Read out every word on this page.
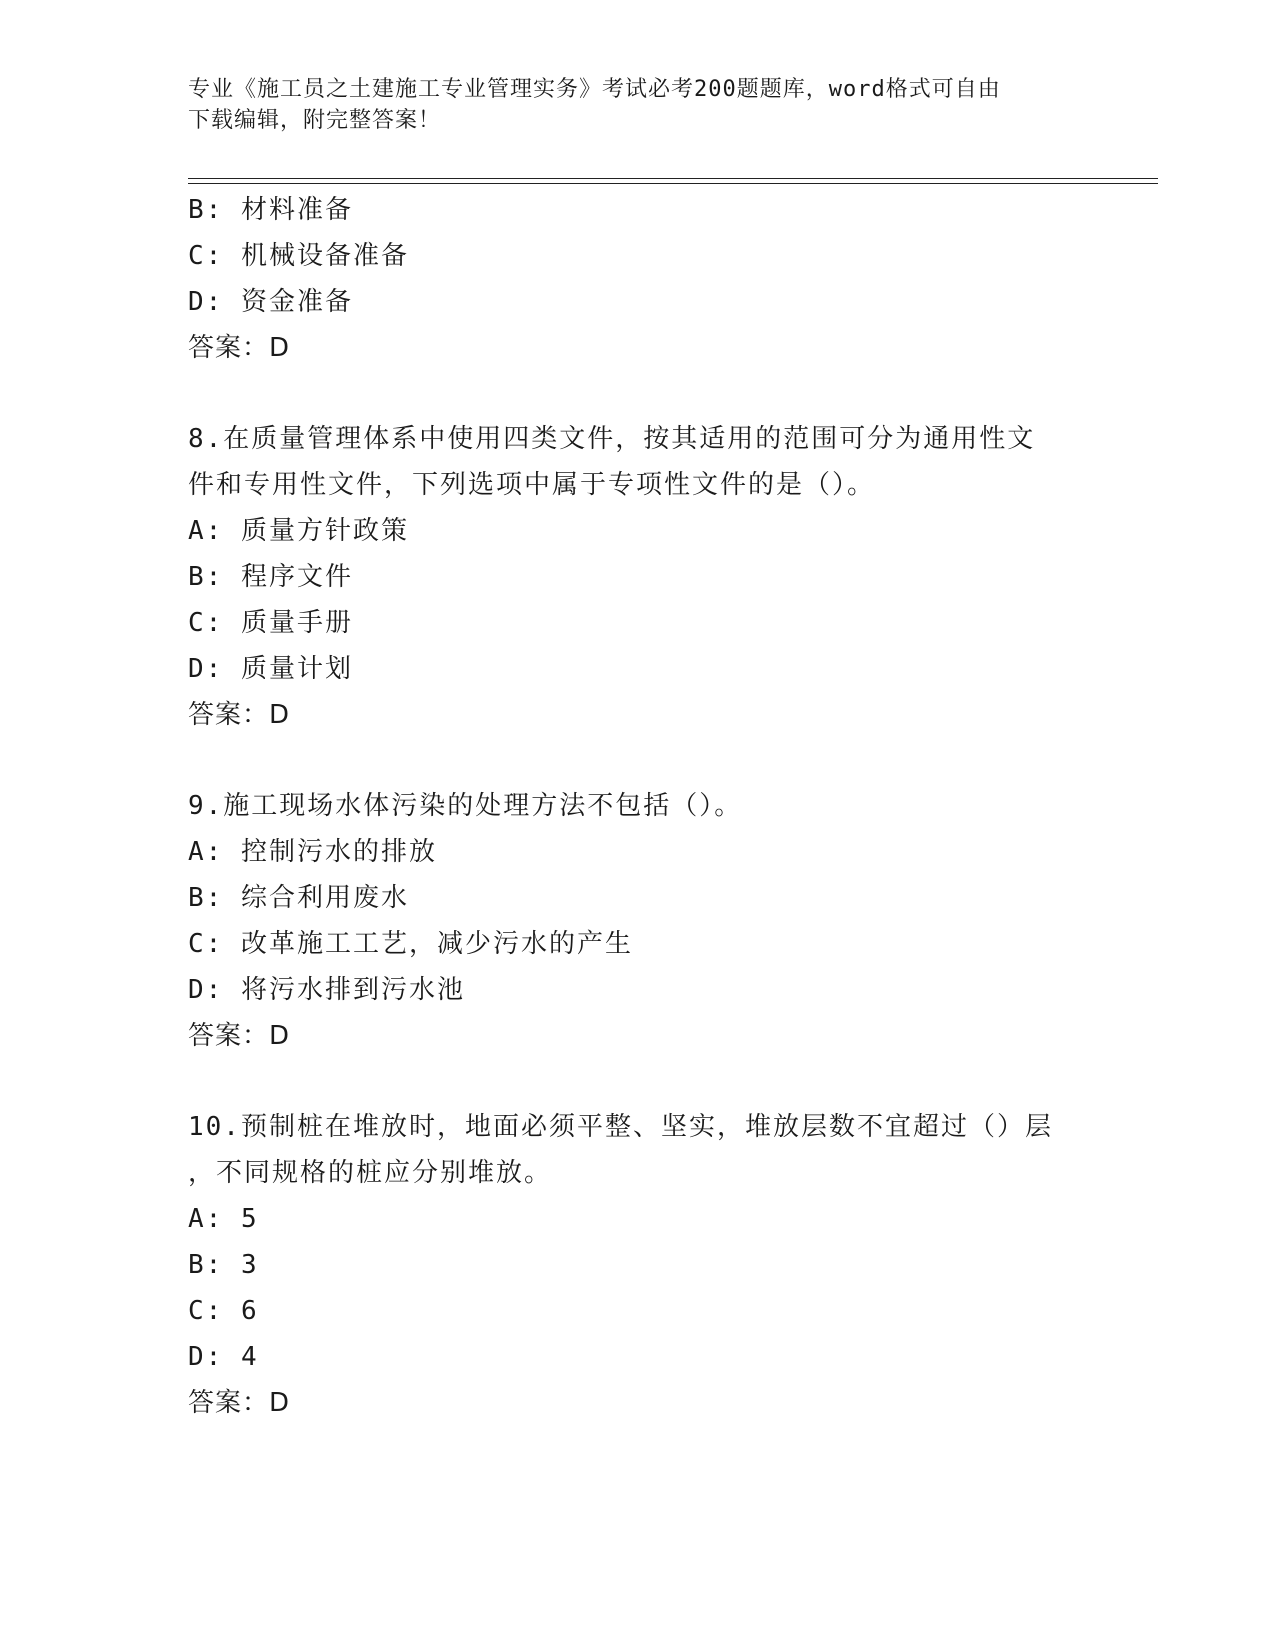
专业《施工员之土建施工专业管理实务》考试必考200题题库，word格式可自由
下载编辑，附完整答案！
B: 材料准备
C: 机械设备准备
D: 资金准备
答案：D
8.在质量管理体系中使用四类文件，按其适用的范围可分为通用性文
件和专用性文件，下列选项中属于专项性文件的是（）。
A: 质量方针政策
B: 程序文件
C: 质量手册
D: 质量计划
答案：D
9.施工现场水体污染的处理方法不包括（）。
A: 控制污水的排放
B: 综合利用废水
C: 改革施工工艺，减少污水的产生
D: 将污水排到污水池
答案：D
10.预制桩在堆放时，地面必须平整、坚实，堆放层数不宜超过（）层
，不同规格的桩应分别堆放。
A: 5
B: 3
C: 6
D: 4
答案：D
